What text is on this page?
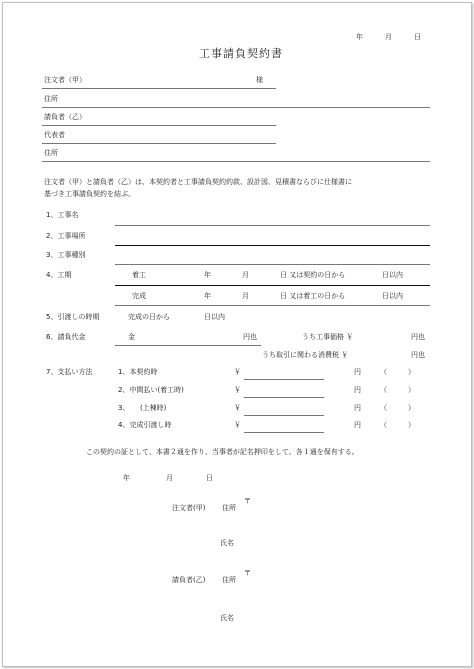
年	月	日
工事請負契約書
注文者（甲）	様
住所
請負者（乙）
代表者
住所
注文者（甲）と請負者（乙）は、本契約者と工事請負契約約款、設計図、見積書ならびに仕様書に
基づき工事請負契約を結ぶ。
1、工事名
2、工事場所
3、工事種別
4、工期	着工	年	月	日 又は契約の日から	日以内
完成	年	月	日 又は着工の日から	日以内
5、引渡しの時期	完成の日から	日以内
6、請負代金	金	円也	うち工事価格 ￥	円也
うち取引に関わる消費税 ￥	円也
7、支払い方法	1、本契約時	￥	円	（	）
2、中間払い(着工時)	￥	円	（	）
3、　　(上棟時)	￥	円	（	）
4、完成引渡し時	￥	円	（	）
この契約の証として、本書２通を作り、当事者が記名押印をして、各１通を保有する。
年	月	日
注文者(甲) 住所
〒
氏名
請負者(乙) 住所
〒
氏名
